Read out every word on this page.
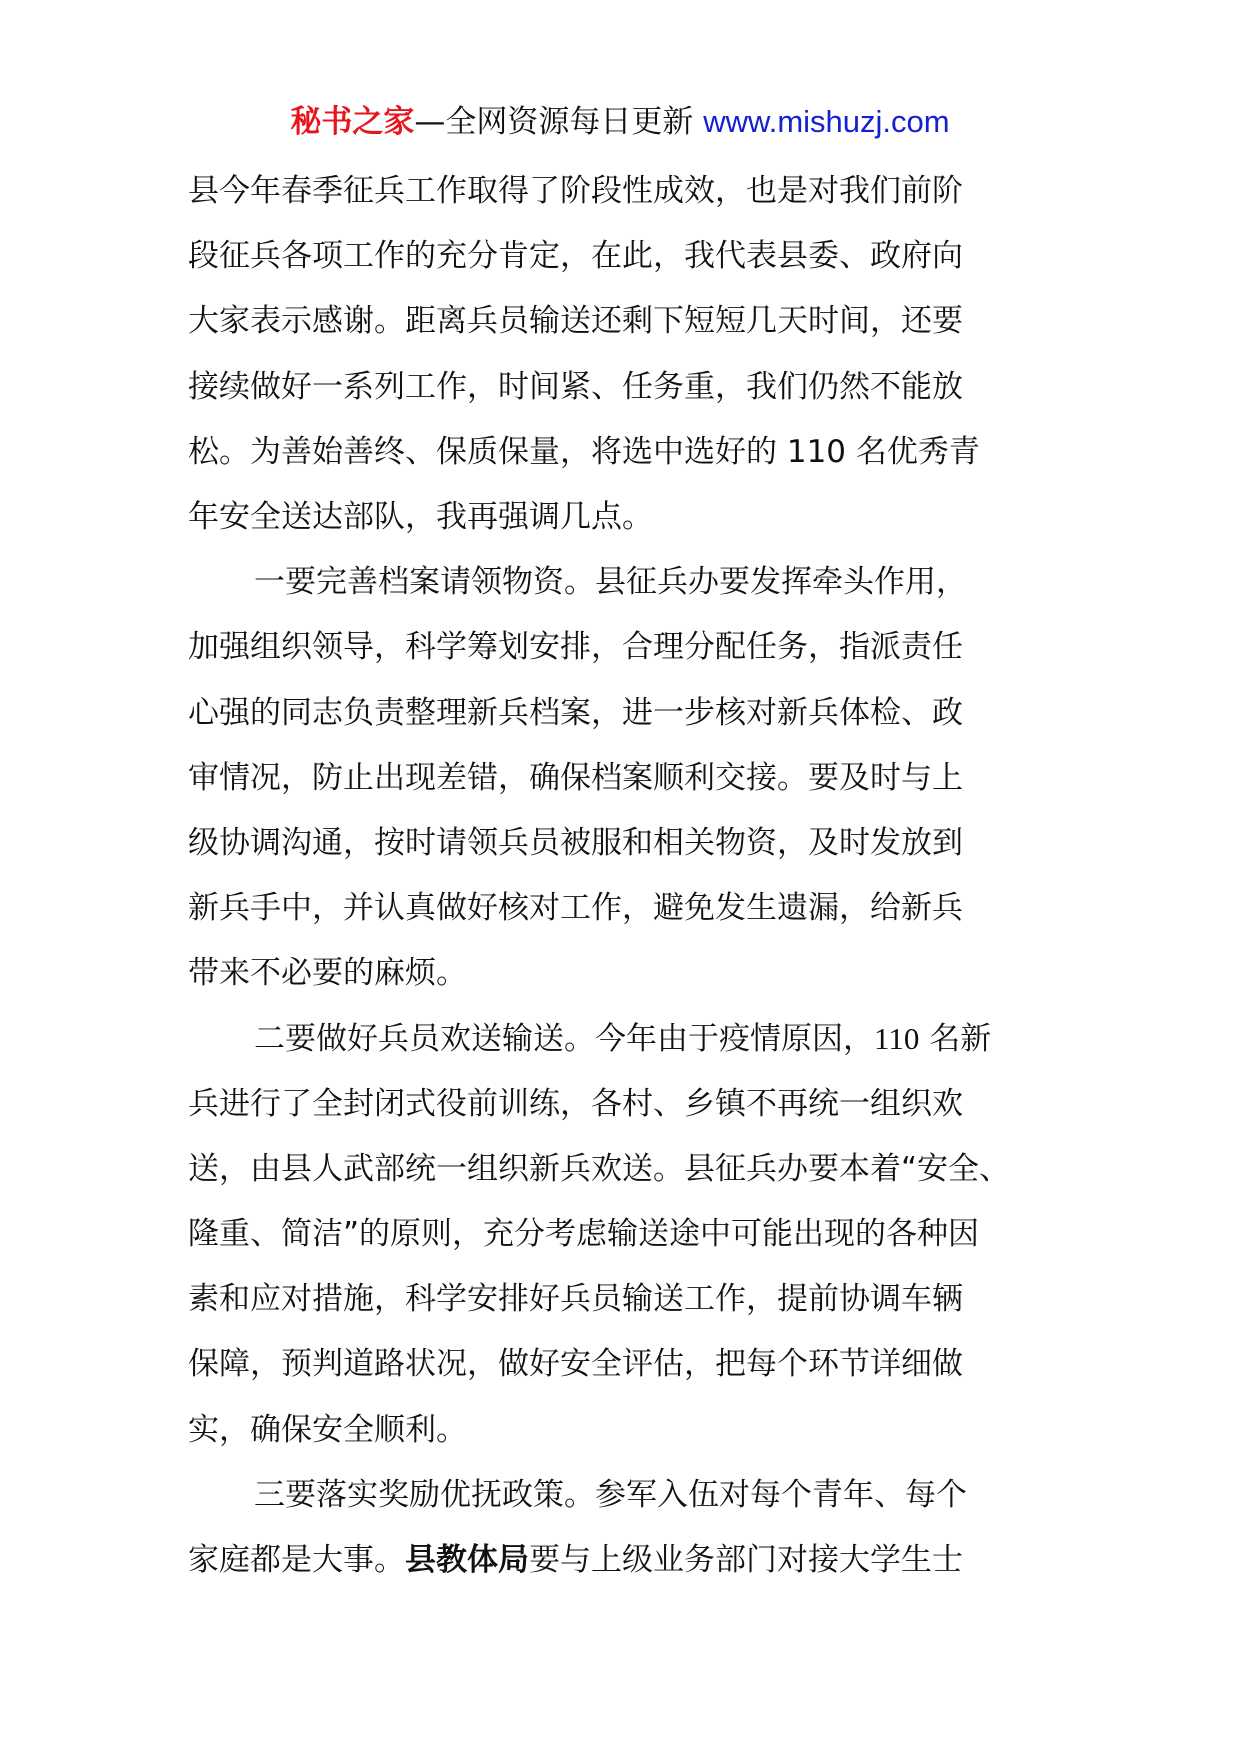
秘书之家—全网资源每日更新 www.mishuzj.com
县今年春季征兵工作取得了阶段性成效，也是对我们前阶
段征兵各项工作的充分肯定，在此，我代表县委、政府向
大家表示感谢。距离兵员输送还剩下短短几天时间，还要
接续做好一系列工作，时间紧、任务重，我们仍然不能放
松。为善始善终、保质保量，将选中选好的 110 名优秀青
年安全送达部队，我再强调几点。
一要完善档案请领物资。县征兵办要发挥牵头作用，
加强组织领导，科学筹划安排，合理分配任务，指派责任
心强的同志负责整理新兵档案，进一步核对新兵体检、政
审情况，防止出现差错，确保档案顺利交接。要及时与上
级协调沟通，按时请领兵员被服和相关物资，及时发放到
新兵手中，并认真做好核对工作，避免发生遗漏，给新兵
带来不必要的麻烦。
二要做好兵员欢送输送。今年由于疫情原因，110 名新
兵进行了全封闭式役前训练，各村、乡镇不再统一组织欢
送，由县人武部统一组织新兵欢送。县征兵办要本着“安全、
隆重、简洁”的原则，充分考虑输送途中可能出现的各种因
素和应对措施，科学安排好兵员输送工作，提前协调车辆
保障，预判道路状况，做好安全评估，把每个环节详细做
实，确保安全顺利。
三要落实奖励优抚政策。参军入伍对每个青年、每个
家庭都是大事。县教体局要与上级业务部门对接大学生士
